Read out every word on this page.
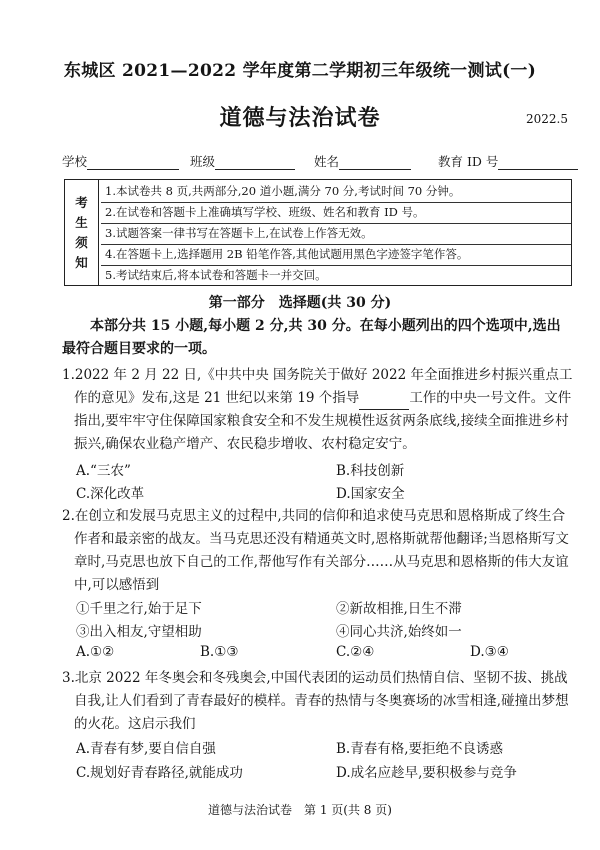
东城区 2021—2022 学年度第二学期初三年级统一测试(一)
道德与法治试卷	2022.5
学校	班级	姓名	教育 ID 号
考
生
须
知
1.本试卷共 8 页,共两部分,20 道小题,满分 70 分,考试时间 70 分钟。
2.在试卷和答题卡上准确填写学校、班级、姓名和教育 ID 号。
3.试题答案一律书写在答题卡上,在试卷上作答无效。
4.在答题卡上,选择题用 2B 铅笔作答,其他试题用黑色字迹签字笔作答。
5.考试结束后,将本试卷和答题卡一并交回。
第一部分　选择题(共 30 分)
本部分共 15 小题,每小题 2 分,共 30 分。在每小题列出的四个选项中,选出最符合题目要求的一项。
1.2022 年 2 月 22 日,《中共中央 国务院关于做好 2022 年全面推进乡村振兴重点工作的意见》发布,这是 21 世纪以来第 19 个指导	工作的中央一号文件。文件指出,要牢牢守住保障国家粮食安全和不发生规模性返贫两条底线,接续全面推进乡村振兴,确保农业稳产增产、农民稳步增收、农村稳定安宁。
A.“三农”	B.科技创新
C.深化改革	D.国家安全
2.在创立和发展马克思主义的过程中,共同的信仰和追求使马克思和恩格斯成了终生合作者和最亲密的战友。当马克思还没有精通英文时,恩格斯就帮他翻译;当恩格斯写文章时,马克思也放下自己的工作,帮他写作有关部分……从马克思和恩格斯的伟大友谊中,可以感悟到
①千里之行,始于足下	②新故相推,日生不滞
③出入相友,守望相助	④同心共济,始终如一
A.①②	B.①③	C.②④	D.③④
3.北京 2022 年冬奥会和冬残奥会,中国代表团的运动员们热情自信、坚韧不拔、挑战自我,让人们看到了青春最好的模样。青春的热情与冬奥赛场的冰雪相逢,碰撞出梦想的火花。这启示我们
A.青春有梦,要自信自强	B.青春有格,要拒绝不良诱惑
C.规划好青春路径,就能成功	D.成名应趁早,要积极参与竞争
道德与法治试卷　第 1 页(共 8 页)
